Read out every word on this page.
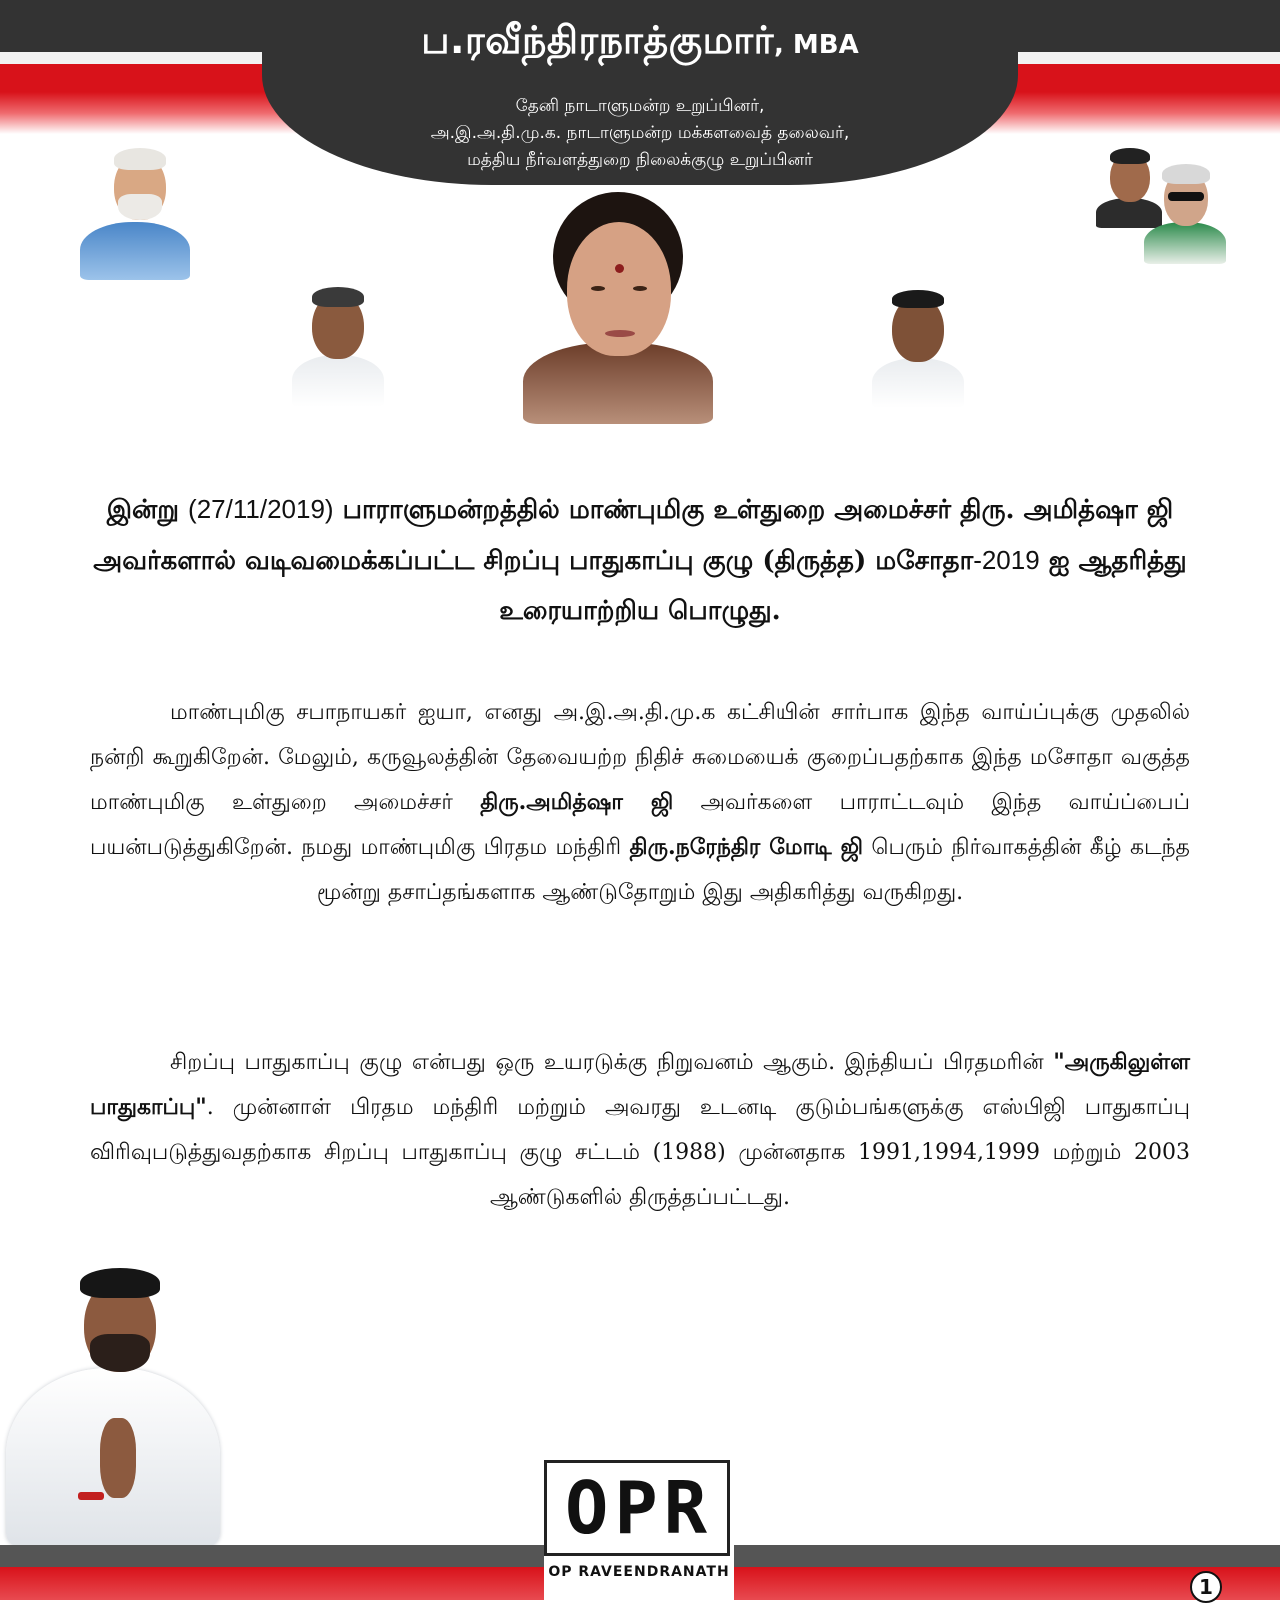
ப.ரவீந்திரநாத்குமார், MBA
தேனி நாடாளுமன்ற உறுப்பினர்,
அ.இ.அ.தி.மு.க. நாடாளுமன்ற மக்களவைத் தலைவர்,
மத்திய நீர்வளத்துறை நிலைக்குழு உறுப்பினர்
இன்று (27/11/2019) பாராளுமன்றத்தில் மாண்புமிகு உள்துறை அமைச்சர் திரு. அமித்ஷா ஜி அவர்களால் வடிவமைக்கப்பட்ட சிறப்பு பாதுகாப்பு குழு (திருத்த) மசோதா-2019 ஐ ஆதரித்து உரையாற்றிய பொழுது.
மாண்புமிகு சபாநாயகர் ஐயா, எனது அ.இ.அ.தி.மு.க கட்சியின் சார்பாக இந்த வாய்ப்புக்கு முதலில் நன்றி கூறுகிறேன். மேலும், கருவூலத்தின் தேவையற்ற நிதிச் சுமையைக் குறைப்பதற்காக இந்த மசோதா வகுத்த மாண்புமிகு உள்துறை அமைச்சர் திரு.அமித்ஷா ஜி அவர்களை பாராட்டவும் இந்த வாய்ப்பைப் பயன்படுத்துகிறேன். நமது மாண்புமிகு பிரதம மந்திரி திரு.நரேந்திர மோடி ஜி பெரும் நிர்வாகத்தின் கீழ் கடந்த மூன்று தசாப்தங்களாக ஆண்டுதோறும் இது அதிகரித்து வருகிறது.
சிறப்பு பாதுகாப்பு குழு என்பது ஒரு உயரடுக்கு நிறுவனம் ஆகும். இந்தியப் பிரதமரின் "அருகிலுள்ள பாதுகாப்பு". முன்னாள் பிரதம மந்திரி மற்றும் அவரது உடனடி குடும்பங்களுக்கு எஸ்பிஜி பாதுகாப்பு விரிவுபடுத்துவதற்காக சிறப்பு பாதுகாப்பு குழு சட்டம் (1988) முன்னதாக 1991,1994,1999 மற்றும் 2003 ஆண்டுகளில் திருத்தப்பட்டது.
OPR
OP RAVEENDRANATH
1
